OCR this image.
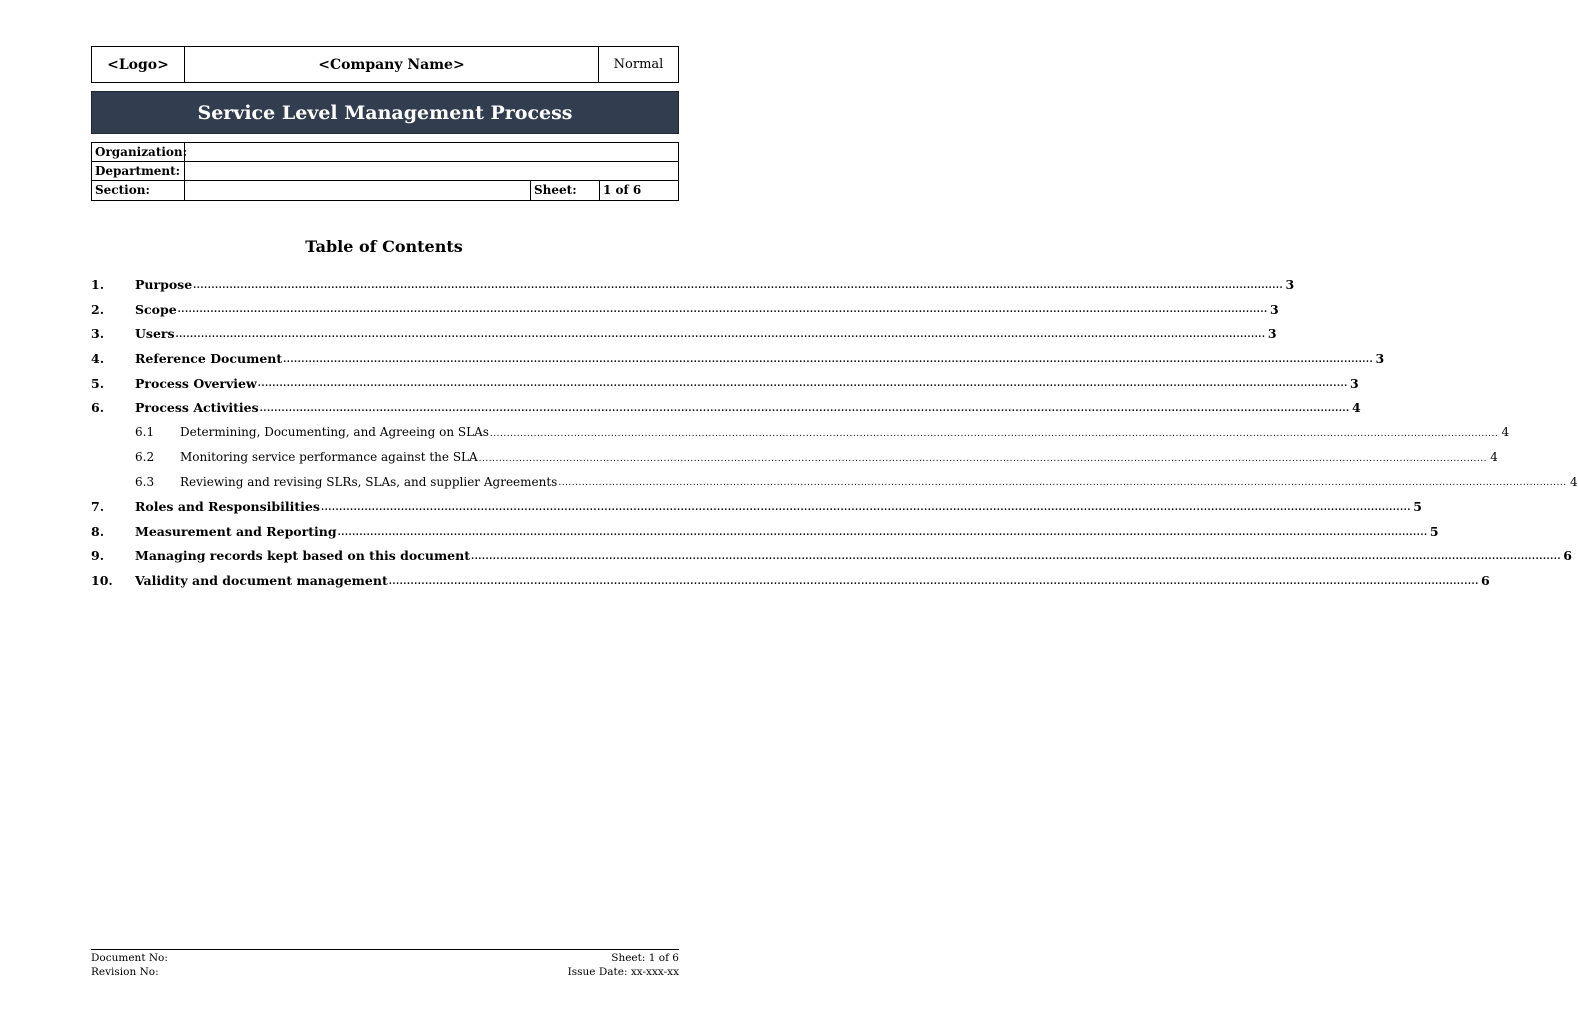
<Logo>	<Company Name>	Normal
Service Level Management Process
Organization:
Department:
Section:	Sheet:	1 of 6
Table of Contents
1.	Purpose ............................................................................................................................................................................................................................................................................................................ 3
2.	Scope ............................................................................................................................................................................................................................................................................................................ 3
3.	Users ............................................................................................................................................................................................................................................................................................................ 3
4.	Reference Document ............................................................................................................................................................................................................................................................................................................ 3
5.	Process Overview ............................................................................................................................................................................................................................................................................................................ 3
6.	Process Activities ............................................................................................................................................................................................................................................................................................................ 4
6.1	Determining, Documenting, and Agreeing on SLAs ............................................................................................................................................................................................................................................................................................................ 4
6.2	Monitoring service performance against the SLA ............................................................................................................................................................................................................................................................................................................ 4
6.3	Reviewing and revising SLRs, SLAs, and supplier Agreements ............................................................................................................................................................................................................................................................................................................ 4
7.	Roles and Responsibilities ............................................................................................................................................................................................................................................................................................................ 5
8.	Measurement and Reporting ............................................................................................................................................................................................................................................................................................................ 5
9.	Managing records kept based on this document ............................................................................................................................................................................................................................................................................................................ 6
10.	Validity and document management ............................................................................................................................................................................................................................................................................................................ 6
Document No:
Revision No:
Sheet: 1 of 6
Issue Date: xx-xxx-xx
